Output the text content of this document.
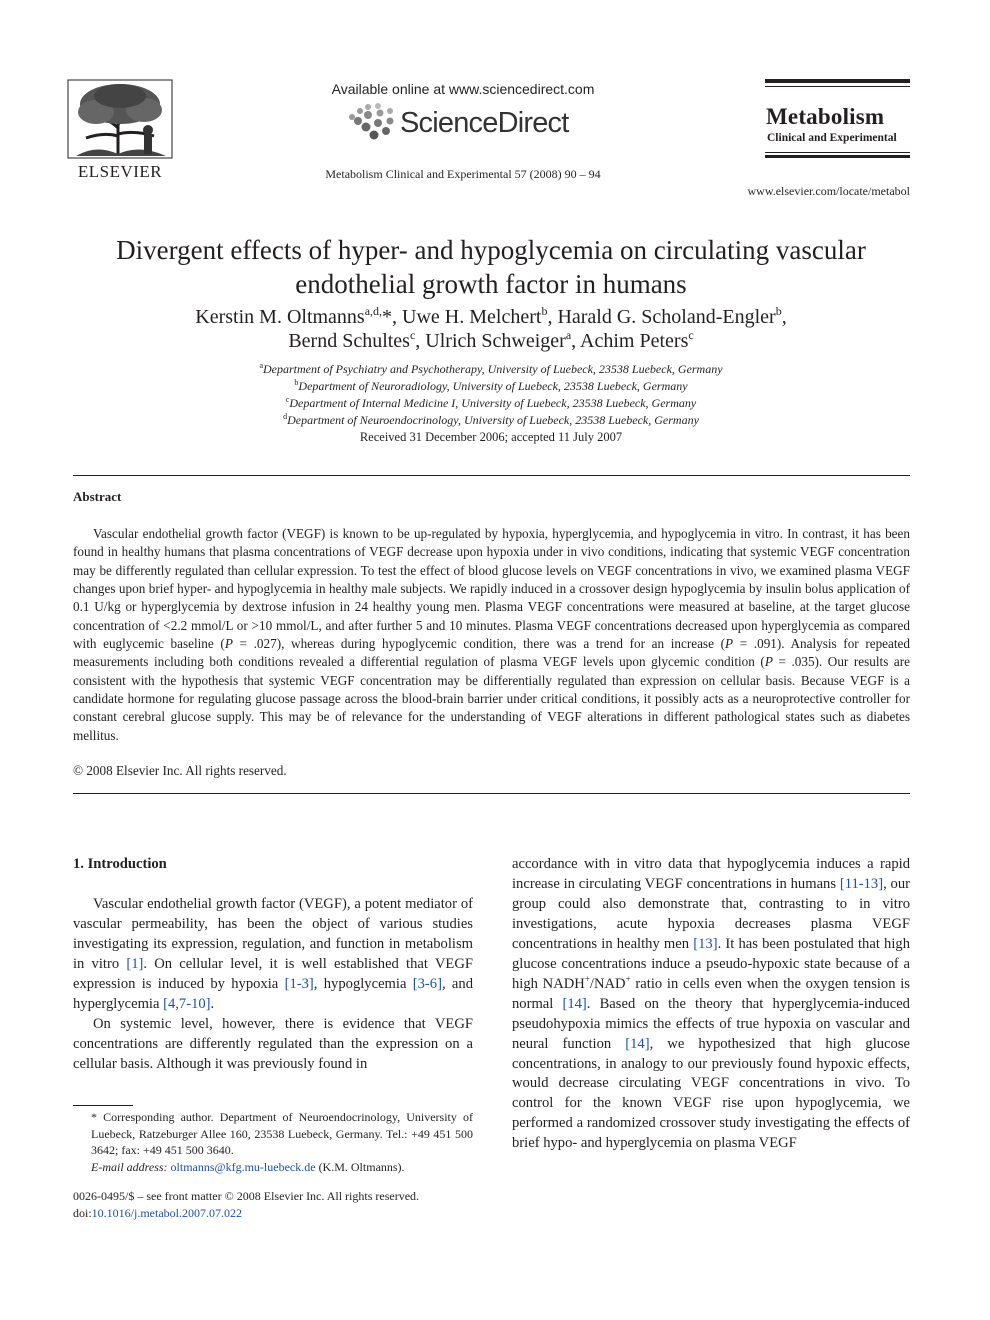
ELSEVIER
Available online at www.sciencedirect.com
ScienceDirect
Metabolism Clinical and Experimental 57 (2008) 90 – 94
Metabolism
Clinical and Experimental
www.elsevier.com/locate/metabol
Divergent effects of hyper- and hypoglycemia on circulating vascular
endothelial growth factor in humans
Kerstin M. Oltmanns$^{a,d,}$*, Uwe H. Melchert$^b$, Harald G. Scholand-Engler$^b$,
Bernd Schultes$^c$, Ulrich Schweiger$^a$, Achim Peters$^c$
$^a$Department of Psychiatry and Psychotherapy, University of Luebeck, 23538 Luebeck, Germany
$^b$Department of Neuroradiology, University of Luebeck, 23538 Luebeck, Germany
$^c$Department of Internal Medicine I, University of Luebeck, 23538 Luebeck, Germany
$^d$Department of Neuroendocrinology, University of Luebeck, 23538 Luebeck, Germany
Received 31 December 2006; accepted 11 July 2007
Abstract

Vascular endothelial growth factor (VEGF) is known to be up-regulated by hypoxia, hyperglycemia, and hypoglycemia in vitro. In contrast, it has been found in healthy humans that plasma concentrations of VEGF decrease upon hypoxia under in vivo conditions, indicating that systemic VEGF concentration may be differently regulated than cellular expression. To test the effect of blood glucose levels on VEGF concentrations in vivo, we examined plasma VEGF changes upon brief hyper- and hypoglycemia in healthy male subjects. We rapidly induced in a crossover design hypoglycemia by insulin bolus application of 0.1 U/kg or hyperglycemia by dextrose infusion in 24 healthy young men. Plasma VEGF concentrations were measured at baseline, at the target glucose concentration of <2.2 mmol/L or >10 mmol/L, and after further 5 and 10 minutes. Plasma VEGF concentrations decreased upon hyperglycemia as compared with euglycemic baseline (P = .027), whereas during hypoglycemic condition, there was a trend for an increase (P = .091). Analysis for repeated measurements including both conditions revealed a differential regulation of plasma VEGF levels upon glycemic condition (P = .035). Our results are consistent with the hypothesis that systemic VEGF concentration may be differentially regulated than expression on cellular basis. Because VEGF is a candidate hormone for regulating glucose passage across the blood-brain barrier under critical conditions, it possibly acts as a neuroprotective controller for constant cerebral glucose supply. This may be of relevance for the understanding of VEGF alterations in different pathological states such as diabetes mellitus.

© 2008 Elsevier Inc. All rights reserved.
1. Introduction

Vascular endothelial growth factor (VEGF), a potent mediator of vascular permeability, has been the object of various studies investigating its expression, regulation, and function in metabolism in vitro [1]. On cellular level, it is well established that VEGF expression is induced by hypoxia [1-3], hypoglycemia [3-6], and hyperglycemia [4,7-10].

On systemic level, however, there is evidence that VEGF concentrations are differently regulated than the expression on a cellular basis. Although it was previously found in

accordance with in vitro data that hypoglycemia induces a rapid increase in circulating VEGF concentrations in humans [11-13], our group could also demonstrate that, contrasting to in vitro investigations, acute hypoxia decreases plasma VEGF concentrations in healthy men [13]. It has been postulated that high glucose concentrations induce a pseudo-hypoxic state because of a high NADH+/NAD+ ratio in cells even when the oxygen tension is normal [14]. Based on the theory that hyperglycemia-induced pseudohypoxia mimics the effects of true hypoxia on vascular and neural function [14], we hypothesized that high glucose concentrations, in analogy to our previously found hypoxic effects, would decrease circulating VEGF concentrations in vivo. To control for the known VEGF rise upon hypoglycemia, we performed a randomized crossover study investigating the effects of brief hypo- and hyperglycemia on plasma VEGF

* Corresponding author. Department of Neuroendocrinology, University of Luebeck, Ratzeburger Allee 160, 23538 Luebeck, Germany. Tel.: +49 451 500 3642; fax: +49 451 500 3640.
E-mail address: oltmanns@kfg.mu-luebeck.de (K.M. Oltmanns).
0026-0495/$ – see front matter © 2008 Elsevier Inc. All rights reserved.
doi:10.1016/j.metabol.2007.07.022
